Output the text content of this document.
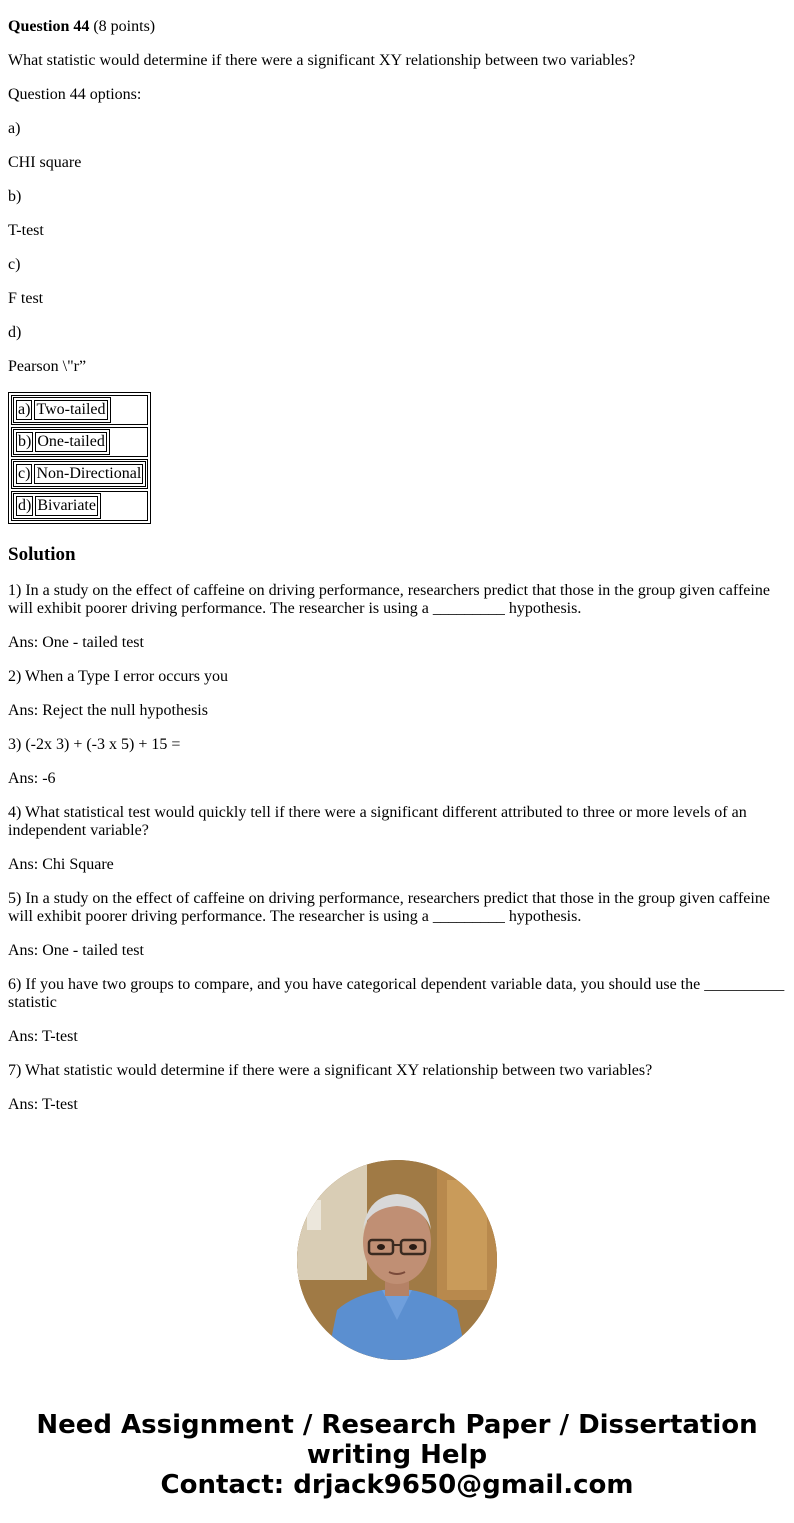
Question 44 (8 points)

What statistic would determine if there were a significant XY relationship between two variables?

Question 44 options:

a)

CHI square

b)

T-test

c)

F test

d)

Pearson \"r”

a)	Two-tailed

b)	One-tailed

c)	Non-Directional

d)	Bivariate
Solution

1) In a study on the effect of caffeine on driving performance, researchers predict that those in the group given caffeine will exhibit poorer driving performance. The researcher is using a _________ hypothesis.

Ans: One - tailed test

2) When a Type I error occurs you

Ans: Reject the null hypothesis

3) (-2x 3) + (-3 x 5) + 15 =

Ans: -6

4) What statistical test would quickly tell if there were a significant different attributed to three or more levels of an independent variable?

Ans: Chi Square

5) In a study on the effect of caffeine on driving performance, researchers predict that those in the group given caffeine will exhibit poorer driving performance. The researcher is using a _________ hypothesis.

Ans: One - tailed test

6) If you have two groups to compare, and you have categorical dependent variable data, you should use the __________ statistic

Ans: T-test

7) What statistic would determine if there were a significant XY relationship between two variables?

Ans: T-test

Need Assignment / Research Paper / Dissertation writing Help
Contact: drjack9650@gmail.com
